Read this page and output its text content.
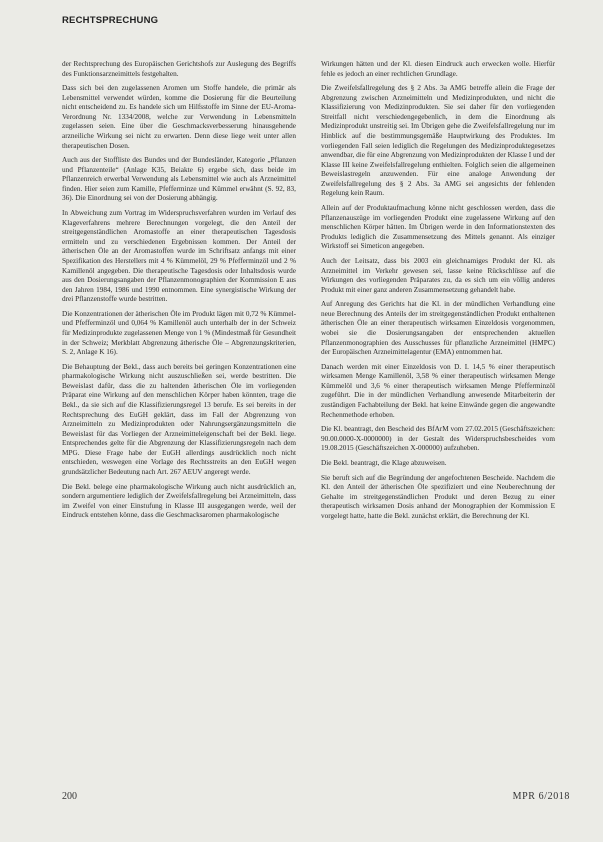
RECHTSPRECHUNG

der Rechtsprechung des Europäischen Gerichtshofs zur Auslegung des Begriffs des Funktionsarzneimittels festgehalten.

Dass sich bei den zugelassenen Aromen um Stoffe handele, die primär als Lebensmittel verwendet würden, komme die Dosierung für die Beurteilung nicht entscheidend zu. Es handele sich um Hilfsstoffe im Sinne der EU-Aroma-Verordnung Nr. 1334/2008, welche zur Verwendung in Lebensmitteln zugelassen seien. Eine über die Geschmacksverbesserung hinausgehende arzneiliche Wirkung sei nicht zu erwarten. Denn diese liege weit unter allen therapeutischen Dosen.

Auch aus der Stoffliste des Bundes und der Bundesländer, Kategorie „Pflanzen und Pflanzenteile“ (Anlage K35, Beiakte 6) ergebe sich, dass beide im Pflanzenreich erwerbal Verwendung als Lebensmittel wie auch als Arzneimittel finden. Hier seien zum Kamille, Pfefferminze und Kümmel erwähnt (S. 92, 83, 36). Die Einordnung sei von der Dosierung abhängig.

In Abweichung zum Vortrag im Widerspruchsverfahren wurden im Verlauf des Klageverfahrens mehrere Berechnungen vorgelegt, die den Anteil der streitgegenständlichen Aromastoffe an einer therapeutischen Tagesdosis ermitteln und zu verschiedenen Ergebnissen kommen. Der Anteil der ätherischen Öle an der Aromastoffen wurde im Schriftsatz anfangs mit einer Spezifikation des Herstellers mit 4 % Kümmelöl, 29 % Pfefferminzöl und 2 % Kamillenöl angegeben. Die therapeutische Tagesdosis oder Inhaltsdosis wurde aus den Dosierungsangaben der Pflanzenmonographien der Kommission E aus den Jahren 1984, 1986 und 1990 entnommen. Eine synergistische Wirkung der drei Pflanzenstoffe wurde bestritten.

Die Konzentrationen der ätherischen Öle im Produkt lägen mit 0,72 % Kümmel- und Pfefferminzöl und 0,064 % Kamillenöl auch unterhalb der in der Schweiz für Medizinprodukte zugelassenen Menge von 1 % (Mindestmaß für Gesundheit in der Schweiz; Merkblatt Abgrenzung ätherische Öle – Abgrenzungskriterien, S. 2, Anlage K 16).

Die Behauptung der Bekl., dass auch bereits bei geringen Konzentrationen eine pharmakologische Wirkung nicht auszuschließen sei, werde bestritten. Die Beweislast dafür, dass die zu haltenden ätherischen Öle im vorliegenden Präparat eine Wirkung auf den menschlichen Körper haben könnten, trage die Bekl., da sie sich auf die Klassifizierungsregel 13 berufe. Es sei bereits in der Rechtsprechung des EuGH geklärt, dass im Fall der Abgrenzung von Arzneimitteln zu Medizinprodukten oder Nahrungsergänzungsmitteln die Beweislast für das Vorliegen der Arzneimitteleigenschaft bei der Bekl. liege. Entsprechendes gelte für die Abgrenzung der Klassifizierungsregeln nach dem MPG. Diese Frage habe der EuGH allerdings ausdrücklich noch nicht entschieden, weswegen eine Vorlage des Rechtsstreits an den EuGH wegen grundsätzlicher Bedeutung nach Art. 267 AEUV angeregt werde.

Die Bekl. belege eine pharmakologische Wirkung auch nicht ausdrücklich an, sondern argumentiere lediglich der Zweifelsfallregelung bei Arzneimitteln, dass im Zweifel von einer Einstufung in Klasse III ausgegangen werde, weil der Eindruck entstehen könne, dass die Geschmacksaromen pharmakologische

Wirkungen hätten und der Kl. diesen Eindruck auch erwecken wolle. Hierfür fehle es jedoch an einer rechtlichen Grundlage.

Die Zweifelsfallregelung des § 2 Abs. 3a AMG betreffe allein die Frage der Abgrenzung zwischen Arzneimitteln und Medizinprodukten, und nicht die Klassifizierung von Medizinprodukten. Sie sei daher für den vorliegenden Streitfall nicht verschiedengegebenlich, in dem die Einordnung als Medizinprodukt unstreitig sei. Im Übrigen gehe die Zweifelsfallregelung nur im Hinblick auf die bestimmungsgemäße Hauptwirkung des Produktes. Im vorliegenden Fall seien lediglich die Regelungen des Medizinproduktegesetzes anwendbar, die für eine Abgrenzung von Medizinprodukten der Klasse I und der Klasse III keine Zweifelsfallregelung enthielten. Folglich seien die allgemeinen Beweislastregeln anzuwenden. Für eine analoge Anwendung der Zweifelsfallregelung des § 2 Abs. 3a AMG sei angesichts der fehlenden Regelung kein Raum.

Allein auf der Produktaufmachung könne nicht geschlossen werden, dass die Pflanzenauszüge im vorliegenden Produkt eine zugelassene Wirkung auf den menschlichen Körper hätten. Im Übrigen werde in den Informationstexten des Produkts lediglich die Zusammensetzung des Mittels genannt. Als einziger Wirkstoff sei Simeticon angegeben.

Auch der Leitsatz, dass bis 2003 ein gleichnamiges Produkt der Kl. als Arzneimittel im Verkehr gewesen sei, lasse keine Rückschlüsse auf die Wirkungen des vorliegenden Präparates zu, da es sich um ein völlig anderes Produkt mit einer ganz anderen Zusammensetzung gehandelt habe.

Auf Anregung des Gerichts hat die Kl. in der mündlichen Verhandlung eine neue Berechnung des Anteils der im streitgegenständlichen Produkt enthaltenen ätherischen Öle an einer therapeutisch wirksamen Einzeldosis vorgenommen, wobei sie die Dosierungsangaben der entsprechenden aktuellen Pflanzenmonographien des Ausschusses für pflanzliche Arzneimittel (HMPC) der Europäischen Arzneimittelagentur (EMA) entnommen hat.

Danach werden mit einer Einzeldosis von D. I. 14,5 % einer therapeutisch wirksamen Menge Kamillenöl, 3,58 % einer therapeutisch wirksamen Menge Kümmelöl und 3,6 % einer therapeutisch wirksamen Menge Pfefferminzöl zugeführt. Die in der mündlichen Verhandlung anwesende Mitarbeiterin der zuständigen Fachabteilung der Bekl. hat keine Einwände gegen die angewandte Rechenmethode erhoben.

Die Kl. beantragt, den Bescheid des BfArM vom 27.02.2015 (Geschäftszeichen: 90.00.0000-X-0000000) in der Gestalt des Widerspruchsbescheides vom 19.08.2015 (Geschäftszeichen X-000000) aufzuheben.

Die Bekl. beantragt, die Klage abzuweisen.

Sie beruft sich auf die Begründung der angefochtenen Bescheide. Nachdem die Kl. den Anteil der ätherischen Öle spezifiziert und eine Neuberechnung der Gehalte im streitgegenständlichen Produkt und deren Bezug zu einer therapeutisch wirksamen Dosis anhand der Monographien der Kommission E vorgelegt hatte, hatte die Bekl. zunächst erklärt, die Berechnung der Kl.

200	MPR 6/2018
